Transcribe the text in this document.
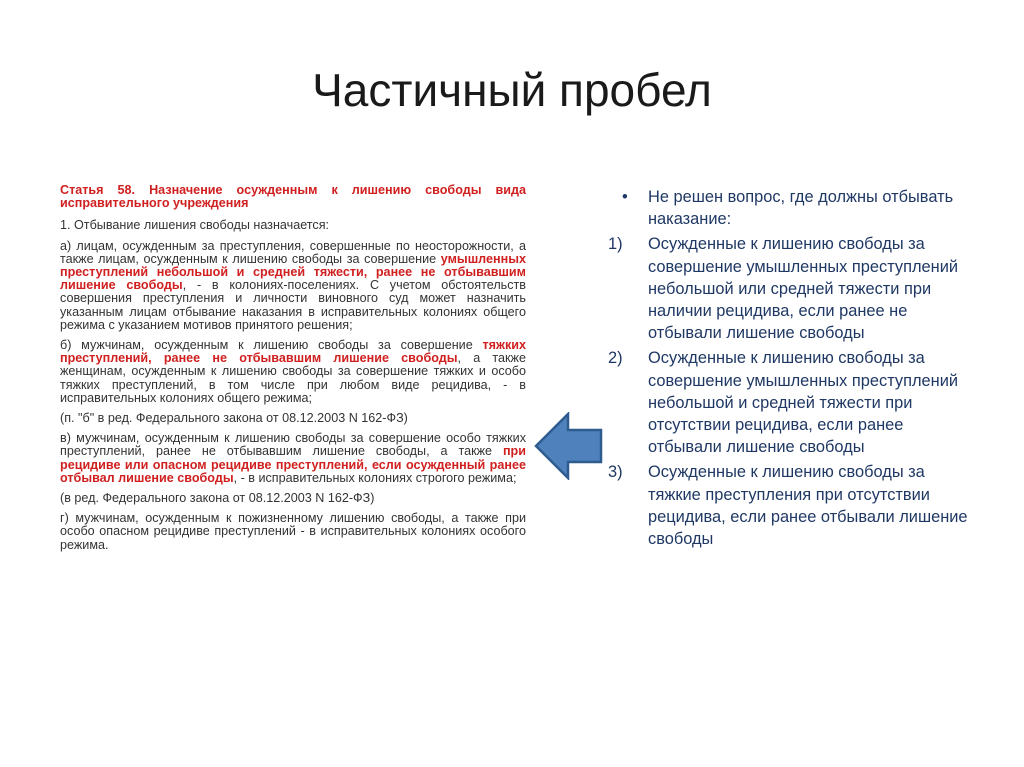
Частичный пробел

Статья 58. Назначение осужденным к лишению свободы вида исправительного учреждения

1. Отбывание лишения свободы назначается:

а) лицам, осужденным за преступления, совершенные по неосторожности, а также лицам, осужденным к лишению свободы за совершение умышленных преступлений небольшой и средней тяжести, ранее не отбывавшим лишение свободы, - в колониях-поселениях. С учетом обстоятельств совершения преступления и личности виновного суд может назначить указанным лицам отбывание наказания в исправительных колониях общего режима с указанием мотивов принятого решения;

б) мужчинам, осужденным к лишению свободы за совершение тяжких преступлений, ранее не отбывавшим лишение свободы, а также женщинам, осужденным к лишению свободы за совершение тяжких и особо тяжких преступлений, в том числе при любом виде рецидива, - в исправительных колониях общего режима;

(п. "б" в ред. Федерального закона от 08.12.2003 N 162-ФЗ)

в) мужчинам, осужденным к лишению свободы за совершение особо тяжких преступлений, ранее не отбывавшим лишение свободы, а также при рецидиве или опасном рецидиве преступлений, если осужденный ранее отбывал лишение свободы, - в исправительных колониях строгого режима;

(в ред. Федерального закона от 08.12.2003 N 162-ФЗ)

г) мужчинам, осужденным к пожизненному лишению свободы, а также при особо опасном рецидиве преступлений - в исправительных колониях особого режима.

•	Не решен вопрос, где должны отбывать наказание:
1)	Осужденные к лишению свободы за совершение умышленных преступлений небольшой или средней тяжести при наличии рецидива, если ранее не отбывали лишение свободы
2)	Осужденные к лишению свободы за совершение умышленных преступлений небольшой и средней тяжести при отсутствии рецидива, если ранее отбывали лишение свободы
3)	Осужденные к лишению свободы за тяжкие преступления при отсутствии рецидива, если ранее отбывали лишение свободы
